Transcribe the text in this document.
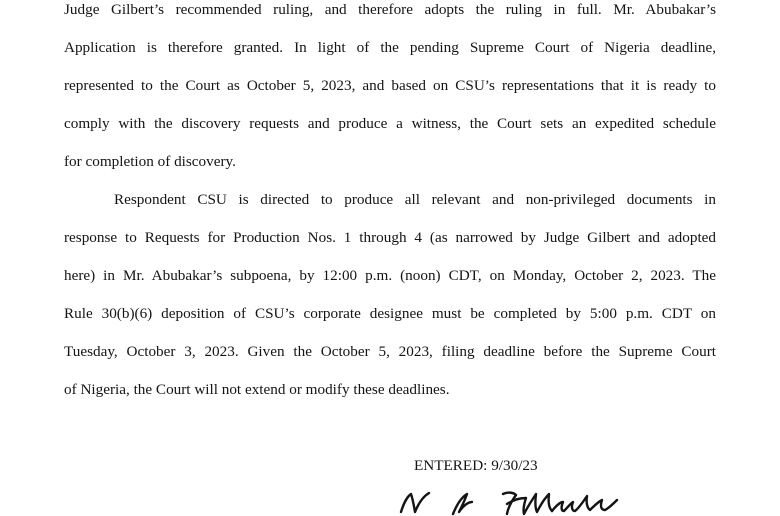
Judge Gilbert’s recommended ruling, and therefore adopts the ruling in full. Mr. Abubakar’s
Application is therefore granted. In light of the pending Supreme Court of Nigeria deadline,
represented to the Court as October 5, 2023, and based on CSU’s representations that it is ready to
comply with the discovery requests and produce a witness, the Court sets an expedited schedule
for completion of discovery.
Respondent CSU is directed to produce all relevant and non-privileged documents in
response to Requests for Production Nos. 1 through 4 (as narrowed by Judge Gilbert and adopted
here) in Mr. Abubakar’s subpoena, by 12:00 p.m. (noon) CDT, on Monday, October 2, 2023. The
Rule 30(b)(6) deposition of CSU’s corporate designee must be completed by 5:00 p.m. CDT on
Tuesday, October 3, 2023. Given the October 5, 2023, filing deadline before the Supreme Court
of Nigeria, the Court will not extend or modify these deadlines.
ENTERED: 9/30/23
